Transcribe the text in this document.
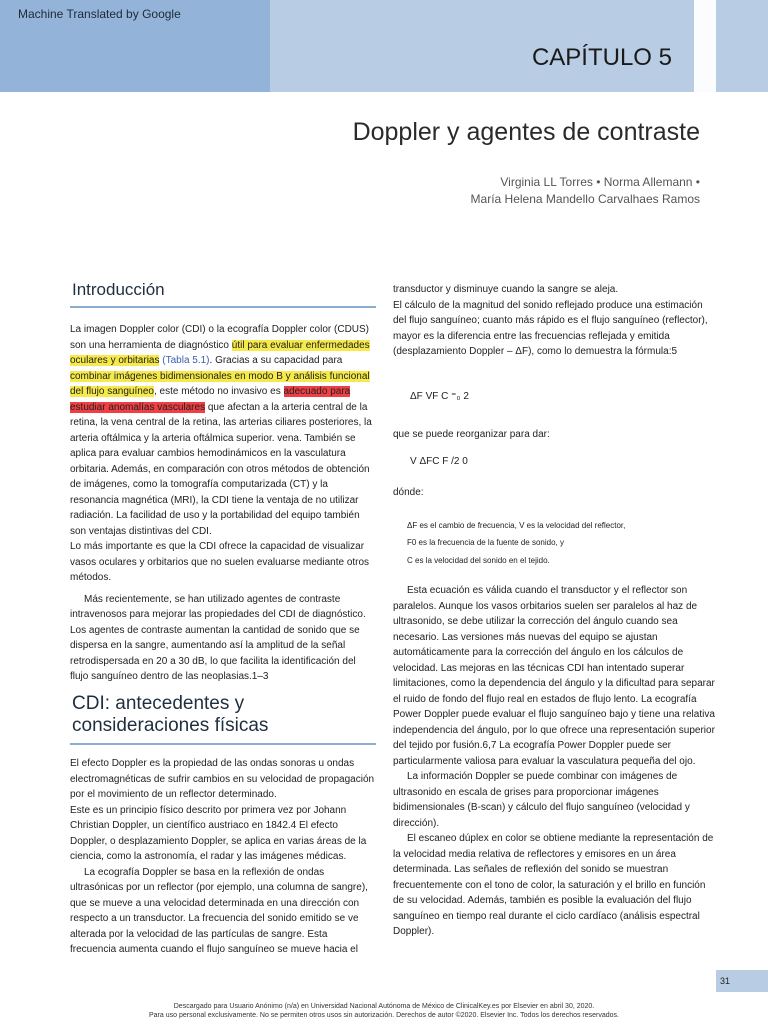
Machine Translated by Google
CAPÍTULO 5
Doppler y agentes de contraste
Virginia LL Torres • Norma Allemann •
María Helena Mandello Carvalhaes Ramos
Introducción

La imagen Doppler color (CDI) o la ecografía Doppler color (CDUS) son una herramienta de diagnóstico útil para evaluar enfermedades oculares y orbitarias (Tabla 5.1). Gracias a su capacidad para combinar imágenes bidimensionales en modo B y análisis funcional del flujo sanguíneo, este método no invasivo es adecuado para estudiar anomalías vasculares que afectan a la arteria central de la retina, la vena central de la retina, las arterias ciliares posteriores, la arteria oftálmica y la arteria oftálmica superior. vena. También se aplica para evaluar cambios hemodinámicos en la vasculatura orbitaria. Además, en comparación con otros métodos de obtención de imágenes, como la tomografía computarizada (CT) y la resonancia magnética (MRI), la CDI tiene la ventaja de no utilizar radiación. La facilidad de uso y la portabilidad del equipo también son ventajas distintivas del CDI.

Lo más importante es que la CDI ofrece la capacidad de visualizar vasos oculares y orbitarios que no suelen evaluarse mediante otros métodos.

Más recientemente, se han utilizado agentes de contraste intravenosos para mejorar las propiedades del CDI de diagnóstico. Los agentes de contraste aumentan la cantidad de sonido que se dispersa en la sangre, aumentando así la amplitud de la señal retrodispersada en 20 a 30 dB, lo que facilita la identificación del flujo sanguíneo dentro de las neoplasias.1–3

CDI: antecedentes y consideraciones físicas

El efecto Doppler es la propiedad de las ondas sonoras u ondas electromagnéticas de sufrir cambios en su velocidad de propagación por el movimiento de un reflector determinado.

Este es un principio físico descrito por primera vez por Johann Christian Doppler, un científico austriaco en 1842.4 El efecto Doppler, o desplazamiento Doppler, se aplica en varias áreas de la ciencia, como la astronomía, el radar y las imágenes médicas.

La ecografía Doppler se basa en la reflexión de ondas ultrasónicas por un reflector (por ejemplo, una columna de sangre), que se mueve a una velocidad determinada en una dirección con respecto a un transductor. La frecuencia del sonido emitido se ve alterada por la velocidad de las partículas de sangre. Esta frecuencia aumenta cuando el flujo sanguíneo se mueve hacia el

transductor y disminuye cuando la sangre se aleja.

El cálculo de la magnitud del sonido reflejado produce una estimación del flujo sanguíneo; cuanto más rápido es el flujo sanguíneo (reflector), mayor es la diferencia entre las frecuencias reflejada y emitida (desplazamiento Doppler – ΔF), como lo demuestra la fórmula:5

ΔF VF C ⁼₀ 2
que se puede reorganizar para dar:
V ΔFC F /2 0
dónde:
ΔF es el cambio de frecuencia, V es la velocidad del reflector,
F0 es la frecuencia de la fuente de sonido, y
C es la velocidad del sonido en el tejido.

Esta ecuación es válida cuando el transductor y el reflector son paralelos. Aunque los vasos orbitarios suelen ser paralelos al haz de ultrasonido, se debe utilizar la corrección del ángulo cuando sea necesario. Las versiones más nuevas del equipo se ajustan automáticamente para la corrección del ángulo en los cálculos de velocidad. Las mejoras en las técnicas CDI han intentado superar limitaciones, como la dependencia del ángulo y la dificultad para separar el ruido de fondo del flujo real en estados de flujo lento. La ecografía Power Doppler puede evaluar el flujo sanguíneo bajo y tiene una relativa independencia del ángulo, por lo que ofrece una representación superior del tejido por fusión.6,7 La ecografía Power Doppler puede ser particularmente valiosa para evaluar la vasculatura pequeña del ojo.

La información Doppler se puede combinar con imágenes de ultrasonido en escala de grises para proporcionar imágenes bidimensionales (B-scan) y cálculo del flujo sanguíneo (velocidad y dirección).

El escaneo dúplex en color se obtiene mediante la representación de la velocidad media relativa de reflectores y emisores en un área determinada. Las señales de reflexión del sonido se muestran frecuentemente con el tono de color, la saturación y el brillo en función de su velocidad. Además, también es posible la evaluación del flujo sanguíneo en tiempo real durante el ciclo cardíaco (análisis espectral Doppler).

31
Descargado para Usuario Anónimo (n/a) en Universidad Nacional Autónoma de México de ClinicalKey.es por Elsevier en abril 30, 2020.
Para uso personal exclusivamente. No se permiten otros usos sin autorización. Derechos de autor ©2020. Elsevier Inc. Todos los derechos reservados.
